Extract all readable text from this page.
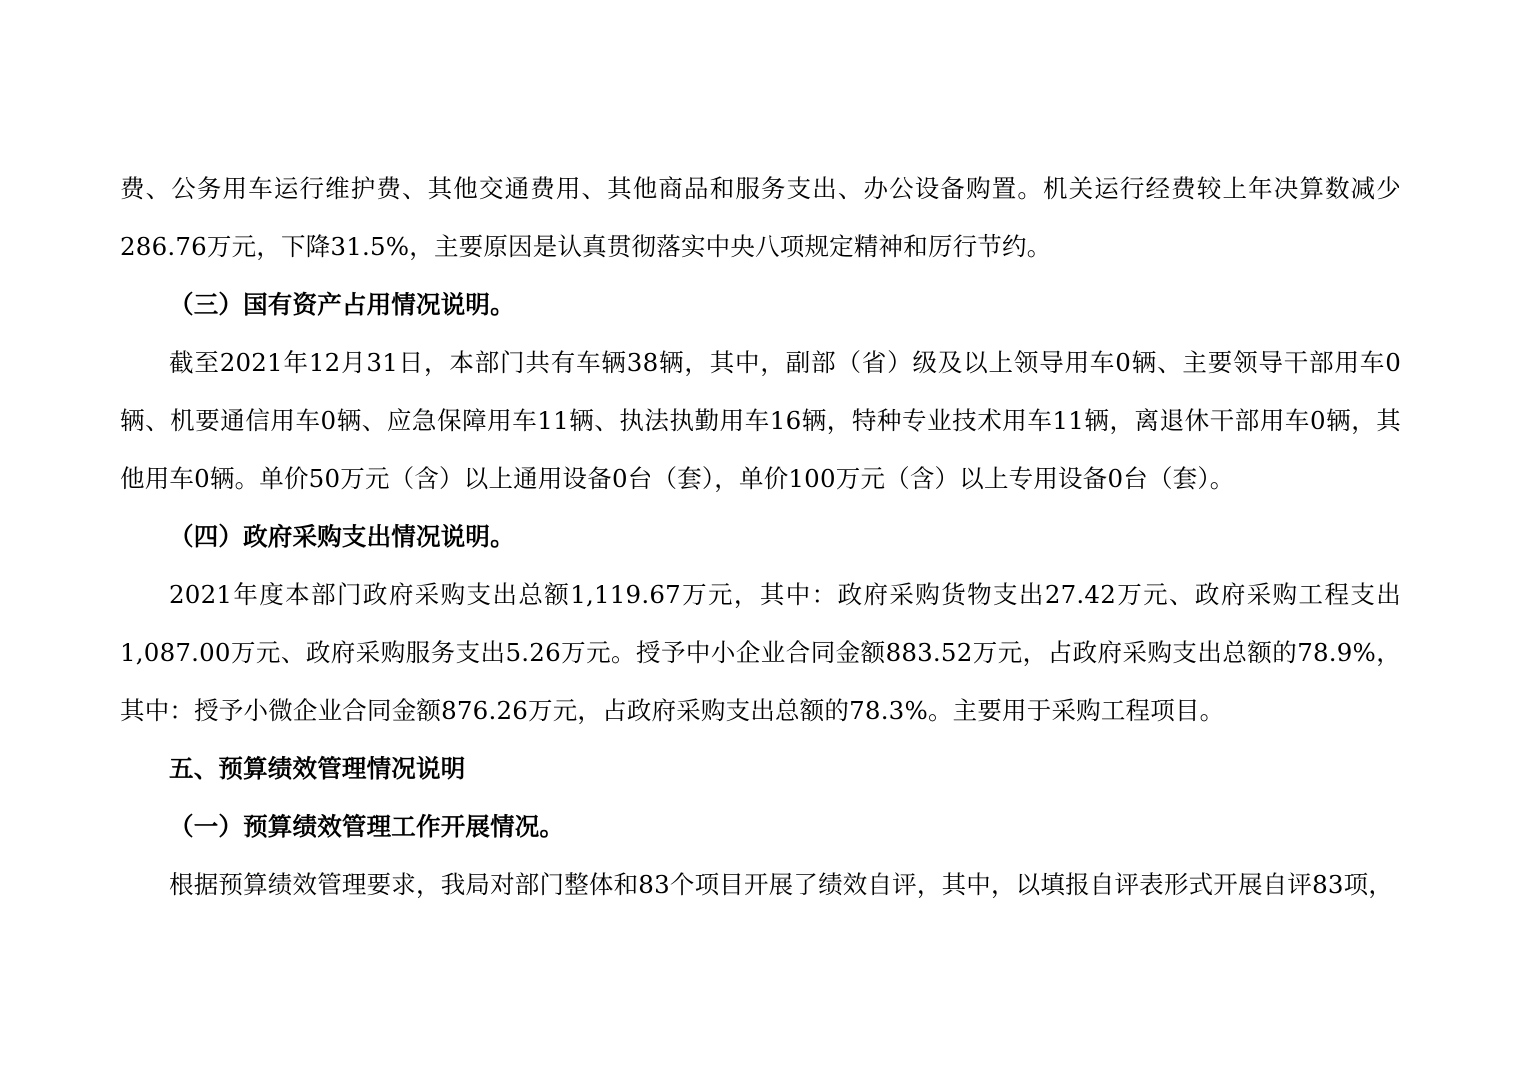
费、公务用车运行维护费、其他交通费用、其他商品和服务支出、办公设备购置。机关运行经费较上年决算数减少286.76万元，下降31.5%，主要原因是认真贯彻落实中央八项规定精神和厉行节约。

（三）国有资产占用情况说明。

截至2021年12月31日，本部门共有车辆38辆，其中，副部（省）级及以上领导用车0辆、主要领导干部用车0辆、机要通信用车0辆、应急保障用车11辆、执法执勤用车16辆，特种专业技术用车11辆，离退休干部用车0辆，其他用车0辆。单价50万元（含）以上通用设备0台（套），单价100万元（含）以上专用设备0台（套）。

（四）政府采购支出情况说明。

2021年度本部门政府采购支出总额1,119.67万元，其中：政府采购货物支出27.42万元、政府采购工程支出1,087.00万元、政府采购服务支出5.26万元。授予中小企业合同金额883.52万元，占政府采购支出总额的78.9%，其中：授予小微企业合同金额876.26万元，占政府采购支出总额的78.3%。主要用于采购工程项目。

五、预算绩效管理情况说明

（一）预算绩效管理工作开展情况。

根据预算绩效管理要求，我局对部门整体和83个项目开展了绩效自评，其中，以填报自评表形式开展自评83项，
